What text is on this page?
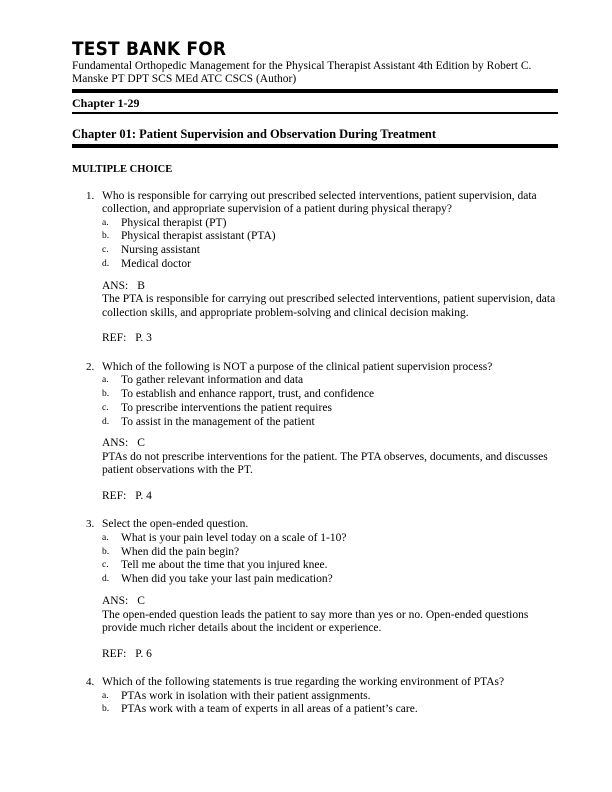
TEST BANK FOR
Fundamental Orthopedic Management for the Physical Therapist Assistant 4th Edition by Robert C. Manske PT DPT SCS MEd ATC CSCS (Author)
Chapter 1-29
Chapter 01: Patient Supervision and Observation During Treatment
MULTIPLE CHOICE
1. Who is responsible for carrying out prescribed selected interventions, patient supervision, data collection, and appropriate supervision of a patient during physical therapy?
a. Physical therapist (PT)
b. Physical therapist assistant (PTA)
c. Nursing assistant
d. Medical doctor
ANS: B
The PTA is responsible for carrying out prescribed selected interventions, patient supervision, data collection skills, and appropriate problem-solving and clinical decision making.
REF: P. 3
2. Which of the following is NOT a purpose of the clinical patient supervision process?
a. To gather relevant information and data
b. To establish and enhance rapport, trust, and confidence
c. To prescribe interventions the patient requires
d. To assist in the management of the patient
ANS: C
PTAs do not prescribe interventions for the patient. The PTA observes, documents, and discusses patient observations with the PT.
REF: P. 4
3. Select the open-ended question.
a. What is your pain level today on a scale of 1-10?
b. When did the pain begin?
c. Tell me about the time that you injured knee.
d. When did you take your last pain medication?
ANS: C
The open-ended question leads the patient to say more than yes or no. Open-ended questions provide much richer details about the incident or experience.
REF: P. 6
4. Which of the following statements is true regarding the working environment of PTAs?
a. PTAs work in isolation with their patient assignments.
b. PTAs work with a team of experts in all areas of a patient’s care.
